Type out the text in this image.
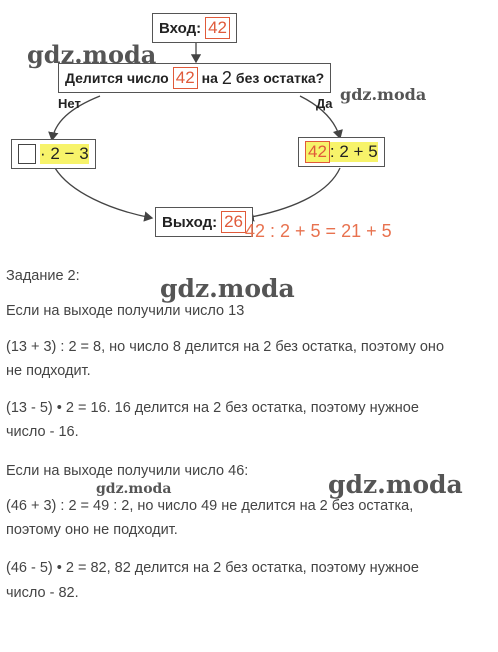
Вход: 42
Делится число 42 на 2 без остатка?
Нет	Да
· 2 − 3	42 : 2 + 5
Выход: 26 42 : 2 + 5 = 21 + 5
gdz.moda
gdz.moda
gdz.moda
gdz.moda
gdz.moda
Задание 2:
Если на выходе получили число 13
(13 + 3) : 2 = 8, но число 8 делится на 2 без остатка, поэтому оно
не подходит.
(13 - 5) • 2 = 16. 16 делится на 2 без остатка, поэтому нужное
число - 16.
Если на выходе получили число 46:
(46 + 3) : 2 = 49 : 2, но число 49 не делится на 2 без остатка,
поэтому оно не подходит.
(46 - 5) • 2 = 82, 82 делится на 2 без остатка, поэтому нужное
число - 82.
